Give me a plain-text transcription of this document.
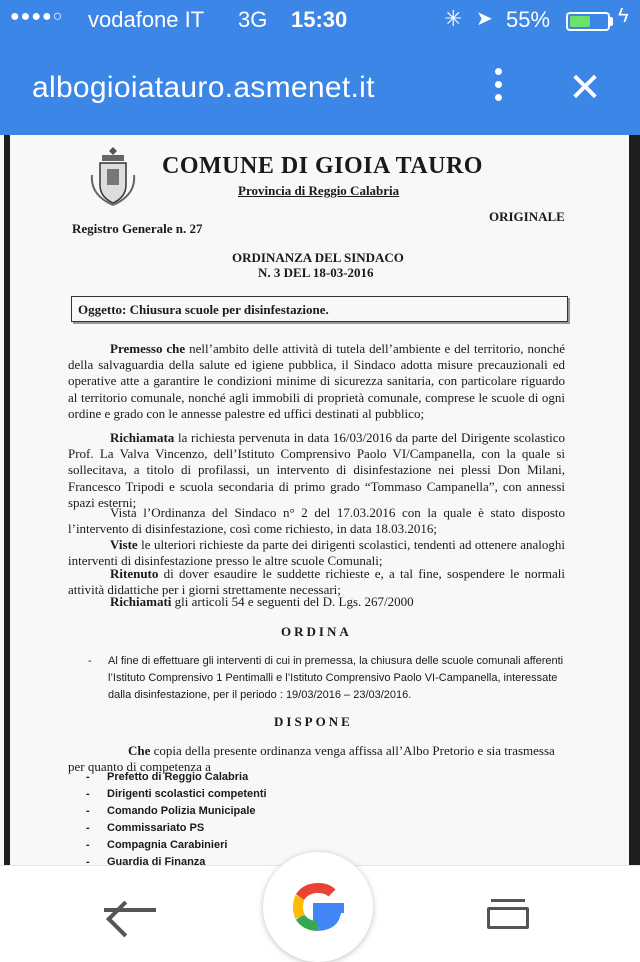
●●●●○ vodafone IT 3G 15:30	✳ ➤ 55%	ϟ
albogioiatauro.asmenet.it	✕
COMUNE DI GIOIA TAURO
Provincia di Reggio Calabria
ORIGINALE
Registro Generale n. 27
ORDINANZA DEL SINDACO
N. 3 DEL 18-03-2016
Oggetto: Chiusura scuole per disinfestazione.
Premesso che nell’ambito delle attività di tutela dell’ambiente e del territorio, nonché della salvaguardia della salute ed igiene pubblica, il Sindaco adotta misure precauzionali ed operative atte a garantire le condizioni minime di sicurezza sanitaria, con particolare riguardo al territorio comunale, nonché agli immobili di proprietà comunale, comprese le scuole di ogni ordine e grado con le annesse palestre ed uffici destinati al pubblico;
Richiamata la richiesta pervenuta in data 16/03/2016 da parte del Dirigente scolastico Prof. La Valva Vincenzo, dell’Istituto Comprensivo Paolo VI/Campanella, con la quale si sollecitava, a titolo di profilassi, un intervento di disinfestazione nei plessi Don Milani, Francesco Tripodi e scuola secondaria di primo grado “Tommaso Campanella”, con annessi spazi esterni;
Vista l’Ordinanza del Sindaco n° 2 del 17.03.2016 con la quale è stato disposto l’intervento di disinfestazione, così come richiesto, in data 18.03.2016;
Viste le ulteriori richieste da parte dei dirigenti scolastici, tendenti ad ottenere analoghi interventi di disinfestazione presso le altre scuole Comunali;
Ritenuto di dover esaudire le suddette richieste e, a tal fine, sospendere le normali attività didattiche per i giorni strettamente necessari;
Richiamati gli articoli 54 e seguenti del D. Lgs. 267/2000
ORDINA
- Al fine di effettuare gli interventi di cui in premessa, la chiusura delle scuole comunali afferenti l’Istituto Comprensivo 1 Pentimalli e l’Istituto Comprensivo Paolo VI-Campanella, interessate dalla disinfestazione, per il periodo : 19/03/2016 – 23/03/2016.
DISPONE
Che copia della presente ordinanza venga affissa all’Albo Pretorio e sia trasmessa per quanto di competenza a
- Prefetto di Reggio Calabria
- Dirigenti scolastici competenti
- Comando Polizia Municipale
- Commissariato PS
- Compagnia Carabinieri
- Guardia di Finanza
